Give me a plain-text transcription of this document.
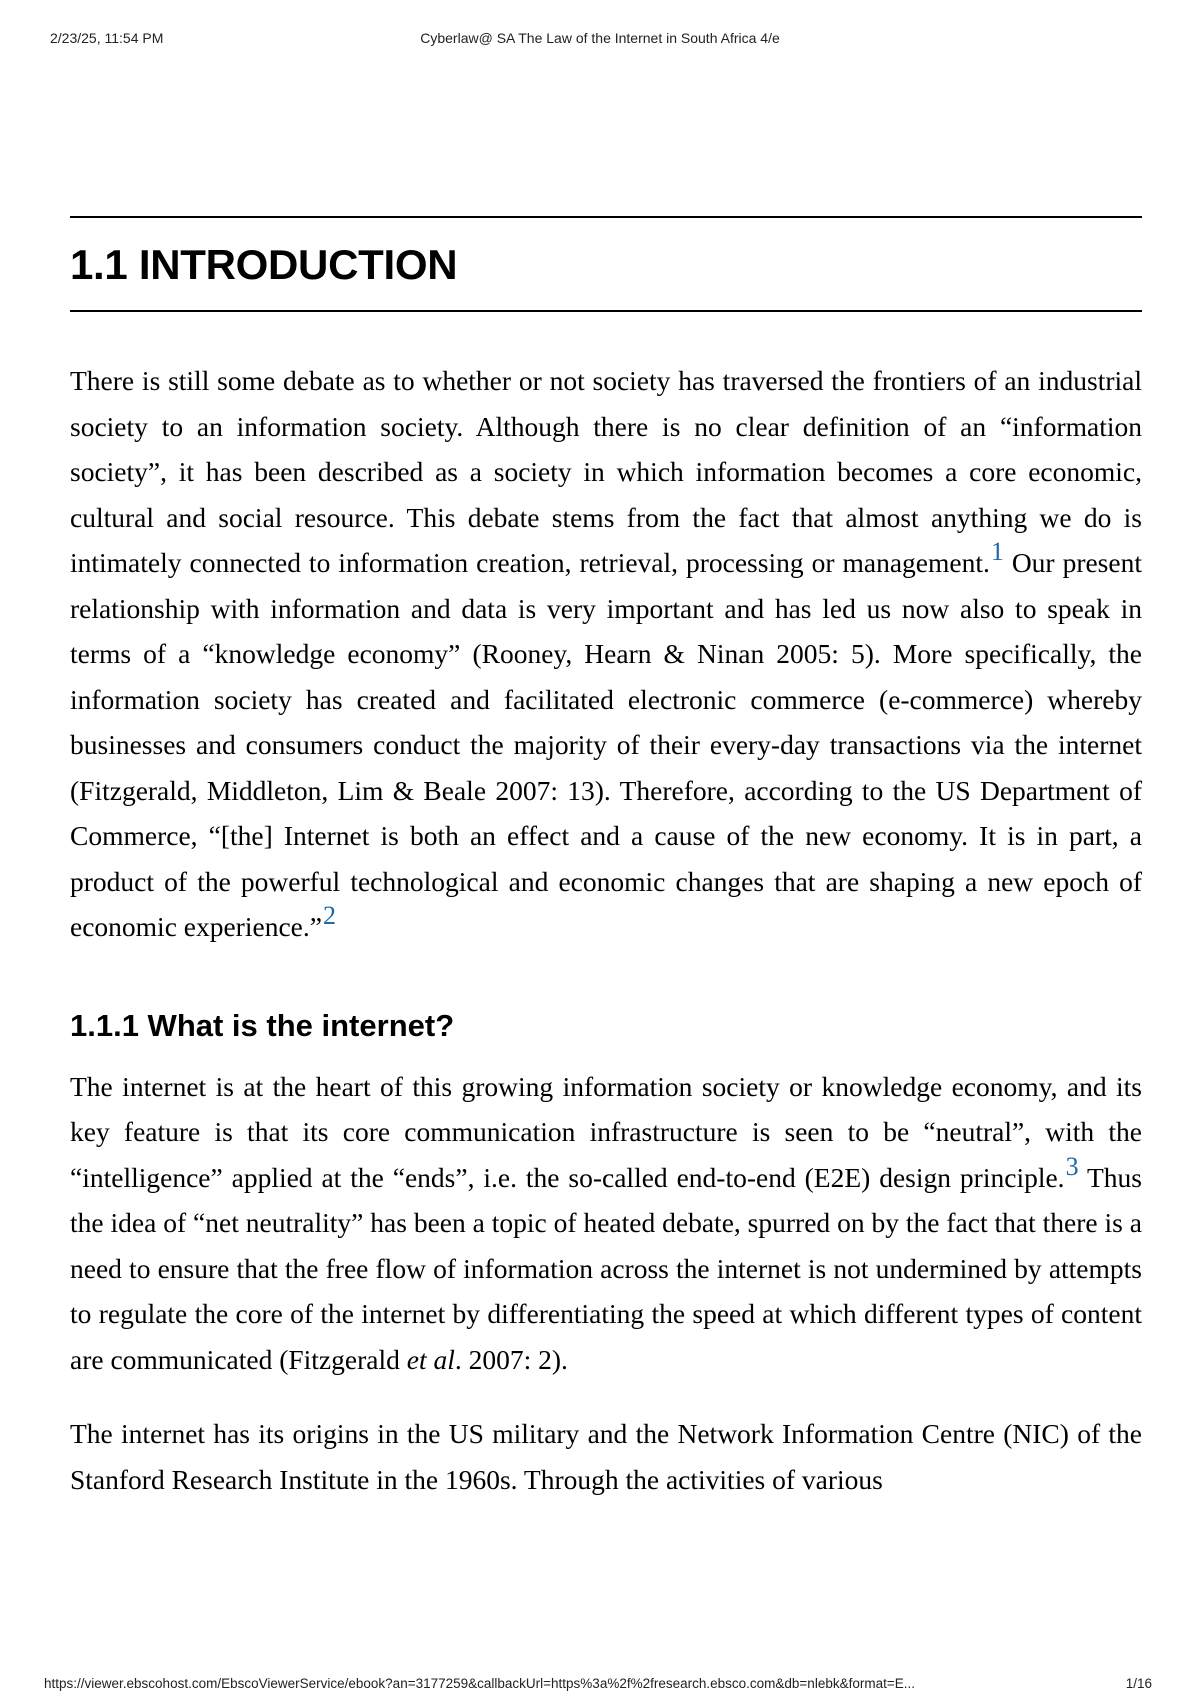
2/23/25, 11:54 PM	Cyberlaw@ SA The Law of the Internet in South Africa 4/e
1.1 INTRODUCTION

There is still some debate as to whether or not society has traversed the frontiers of an industrial society to an information society. Although there is no clear definition of an “information society”, it has been described as a society in which information becomes a core economic, cultural and social resource. This debate stems from the fact that almost anything we do is intimately connected to information creation, retrieval, processing or management.$^1$ Our present relationship with information and data is very important and has led us now also to speak in terms of a “knowledge economy” (Rooney, Hearn & Ninan 2005: 5). More specifically, the information society has created and facilitated electronic commerce (e-commerce) whereby businesses and consumers conduct the majority of their every-day transactions via the internet (Fitzgerald, Middleton, Lim & Beale 2007: 13). Therefore, according to the US Department of Commerce, “[the] Internet is both an effect and a cause of the new economy. It is in part, a product of the powerful technological and economic changes that are shaping a new epoch of economic experience.”$^2$

1.1.1 What is the internet?

The internet is at the heart of this growing information society or knowledge economy, and its key feature is that its core communication infrastructure is seen to be “neutral”, with the “intelligence” applied at the “ends”, i.e. the so-called end-to-end (E2E) design principle.$^3$ Thus the idea of “net neutrality” has been a topic of heated debate, spurred on by the fact that there is a need to ensure that the free flow of information across the internet is not undermined by attempts to regulate the core of the internet by differentiating the speed at which different types of content are communicated (Fitzgerald et al. 2007: 2).

The internet has its origins in the US military and the Network Information Centre (NIC) of the Stanford Research Institute in the 1960s. Through the activities of various

https://viewer.ebscohost.com/EbscoViewerService/ebook?an=3177259&callbackUrl=https%3a%2f%2fresearch.ebsco.com&db=nlebk&format=E...	1/16
